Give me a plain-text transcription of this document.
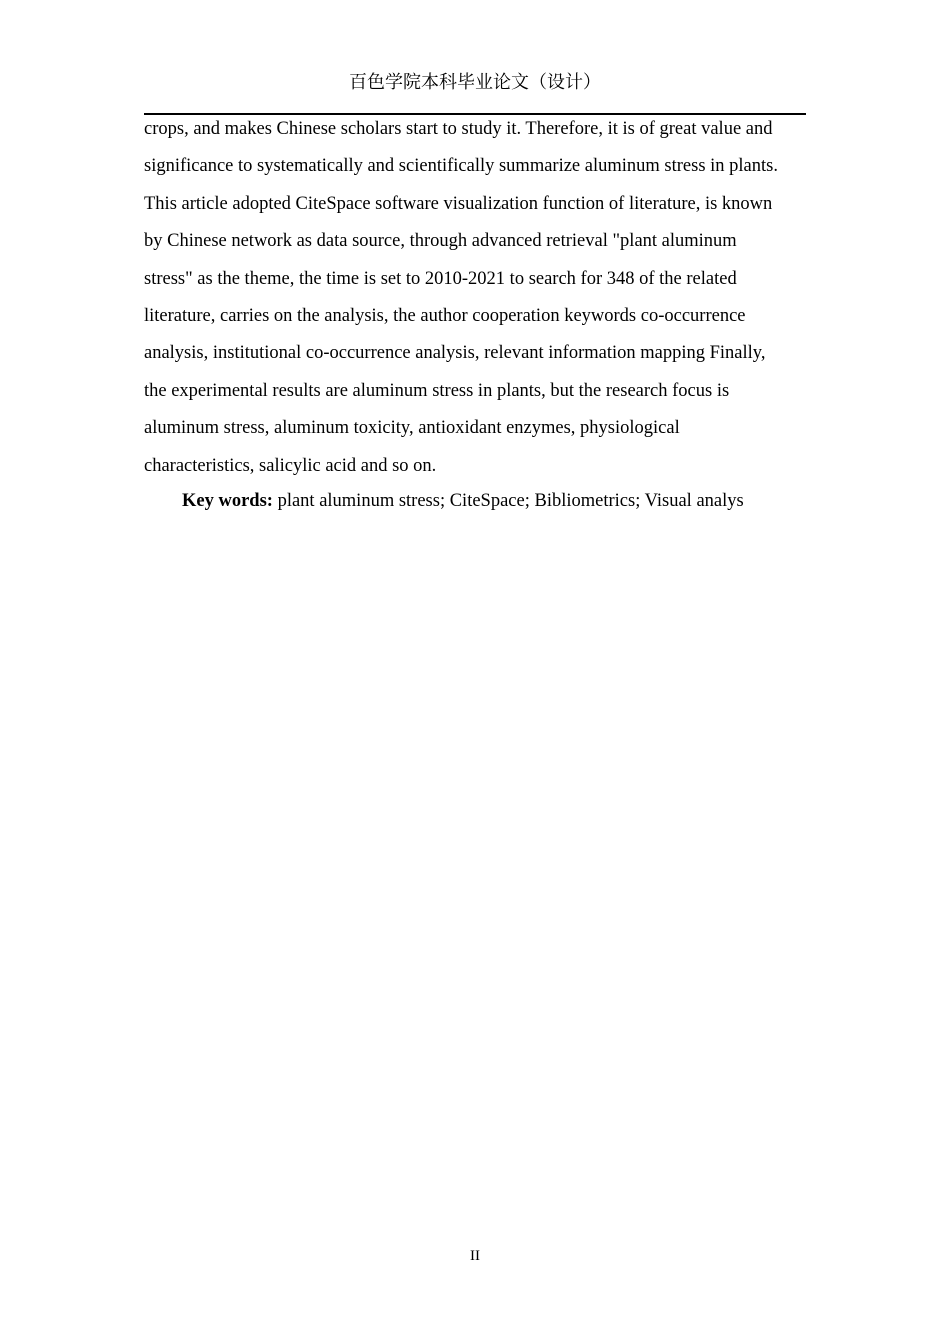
百色学院本科毕业论文（设计）
crops, and makes Chinese scholars start to study it. Therefore, it is of great value and
significance to systematically and scientifically summarize aluminum stress in plants.
This article adopted CiteSpace software visualization function of literature, is known
by Chinese network as data source, through advanced retrieval "plant aluminum
stress" as the theme, the time is set to 2010-2021 to search for 348 of the related
literature, carries on the analysis, the author cooperation keywords co-occurrence
analysis, institutional co-occurrence analysis, relevant information mapping Finally,
the experimental results are aluminum stress in plants, but the research focus is
aluminum stress, aluminum toxicity, antioxidant enzymes, physiological
characteristics, salicylic acid and so on.
Key words: plant aluminum stress; CiteSpace; Bibliometrics; Visual analys
II
